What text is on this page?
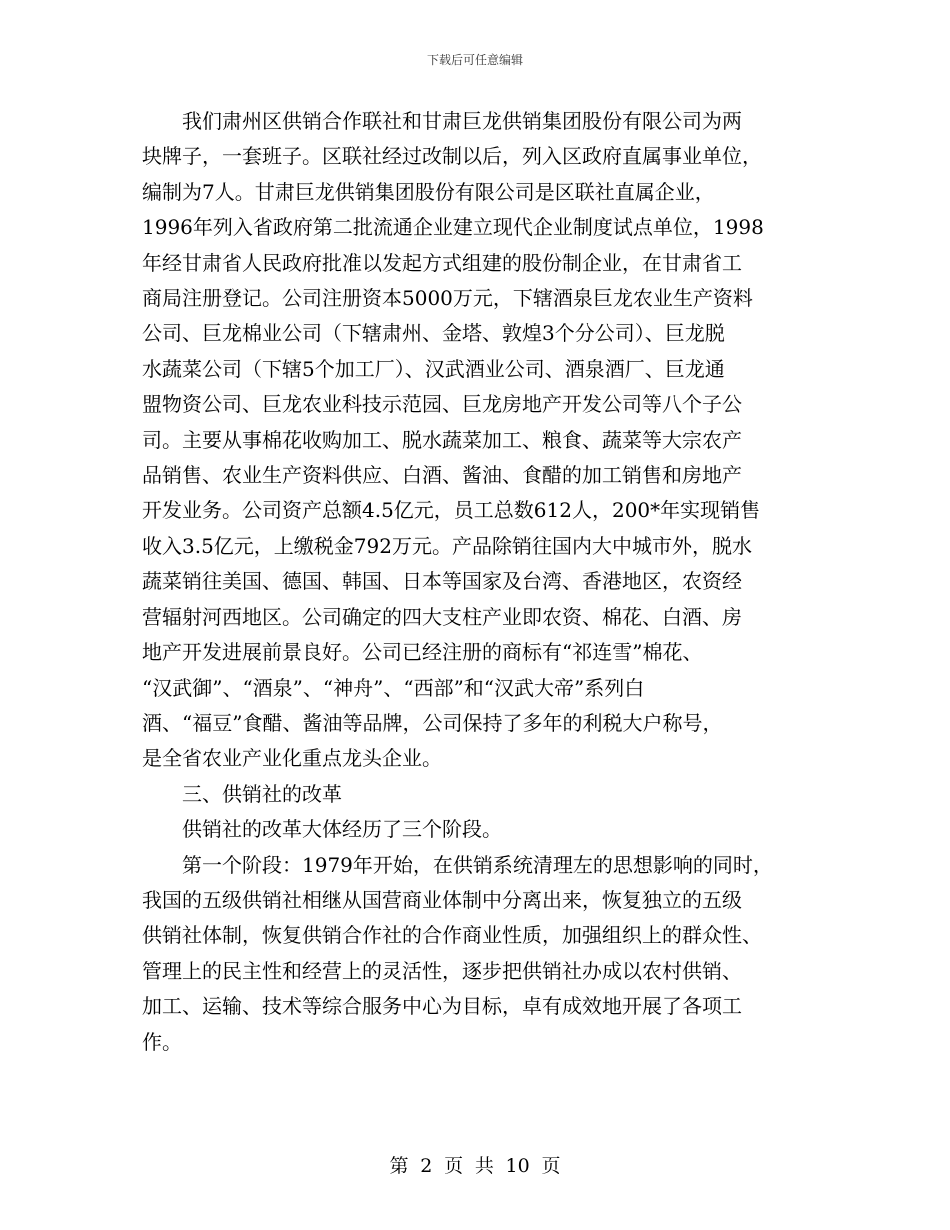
下载后可任意编辑

我们肃州区供销合作联社和甘肃巨龙供销集团股份有限公司为两
块牌子，一套班子。区联社经过改制以后，列入区政府直属事业单位，
编制为7人。甘肃巨龙供销集团股份有限公司是区联社直属企业，
1996年列入省政府第二批流通企业建立现代企业制度试点单位，1998
年经甘肃省人民政府批准以发起方式组建的股份制企业，在甘肃省工
商局注册登记。公司注册资本5000万元，下辖酒泉巨龙农业生产资料
公司、巨龙棉业公司（下辖肃州、金塔、敦煌3个分公司）、巨龙脱
水蔬菜公司（下辖5个加工厂）、汉武酒业公司、酒泉酒厂、巨龙通
盟物资公司、巨龙农业科技示范园、巨龙房地产开发公司等八个子公
司。主要从事棉花收购加工、脱水蔬菜加工、粮食、蔬菜等大宗农产
品销售、农业生产资料供应、白酒、酱油、食醋的加工销售和房地产
开发业务。公司资产总额4.5亿元，员工总数612人，200*年实现销售
收入3.5亿元，上缴税金792万元。产品除销往国内大中城市外，脱水
蔬菜销往美国、德国、韩国、日本等国家及台湾、香港地区，农资经
营辐射河西地区。公司确定的四大支柱产业即农资、棉花、白酒、房
地产开发进展前景良好。公司已经注册的商标有“祁连雪”棉花、
“汉武御”、“酒泉”、“神舟”、“西部”和“汉武大帝”系列白
酒、“福豆”食醋、酱油等品牌，公司保持了多年的利税大户称号，
是全省农业产业化重点龙头企业。

三、供销社的改革

供销社的改革大体经历了三个阶段。

第一个阶段：1979年开始，在供销系统清理左的思想影响的同时，
我国的五级供销社相继从国营商业体制中分离出来，恢复独立的五级
供销社体制，恢复供销合作社的合作商业性质，加强组织上的群众性、
管理上的民主性和经营上的灵活性，逐步把供销社办成以农村供销、
加工、运输、技术等综合服务中心为目标，卓有成效地开展了各项工
作。

第 2 页 共 10 页
